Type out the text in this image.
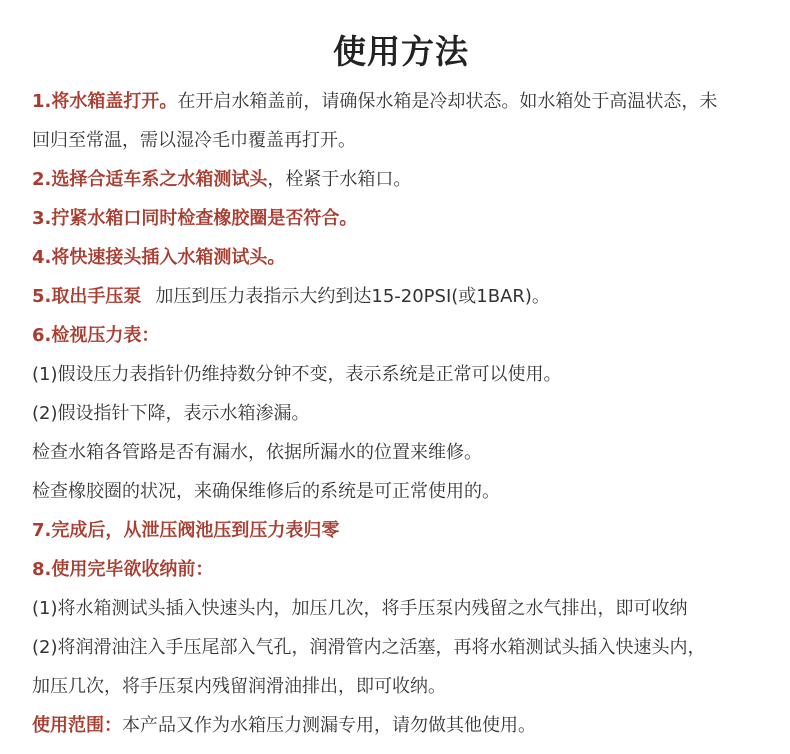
使用方法

1.将水箱盖打开。在开启水箱盖前，请确保水箱是冷却状态。如水箱处于高温状态，未

回归至常温，需以湿冷毛巾覆盖再打开。

2.选择合适车系之水箱测试头，栓紧于水箱口。

3.拧紧水箱口同时检查橡胶圈是否符合。

4.将快速接头插入水箱测试头。

5.取出手压泵 加压到压力表指示大约到达15-20PSI(或1BAR)。

6.检视压力表：

(1)假设压力表指针仍维持数分钟不变，表示系统是正常可以使用。

(2)假设指针下降，表示水箱渗漏。

检查水箱各管路是否有漏水，依据所漏水的位置来维修。

检查橡胶圈的状况，来确保维修后的系统是可正常使用的。

7.完成后，从泄压阀池压到压力表归零

8.使用完毕欲收纳前：

(1)将水箱测试头插入快速头内，加压几次，将手压泵内残留之水气排出，即可收纳

(2)将润滑油注入手压尾部入气孔，润滑管内之活塞，再将水箱测试头插入快速头内，

加压几次，将手压泵内残留润滑油排出，即可收纳。

使用范围：本产品又作为水箱压力测漏专用，请勿做其他使用。
